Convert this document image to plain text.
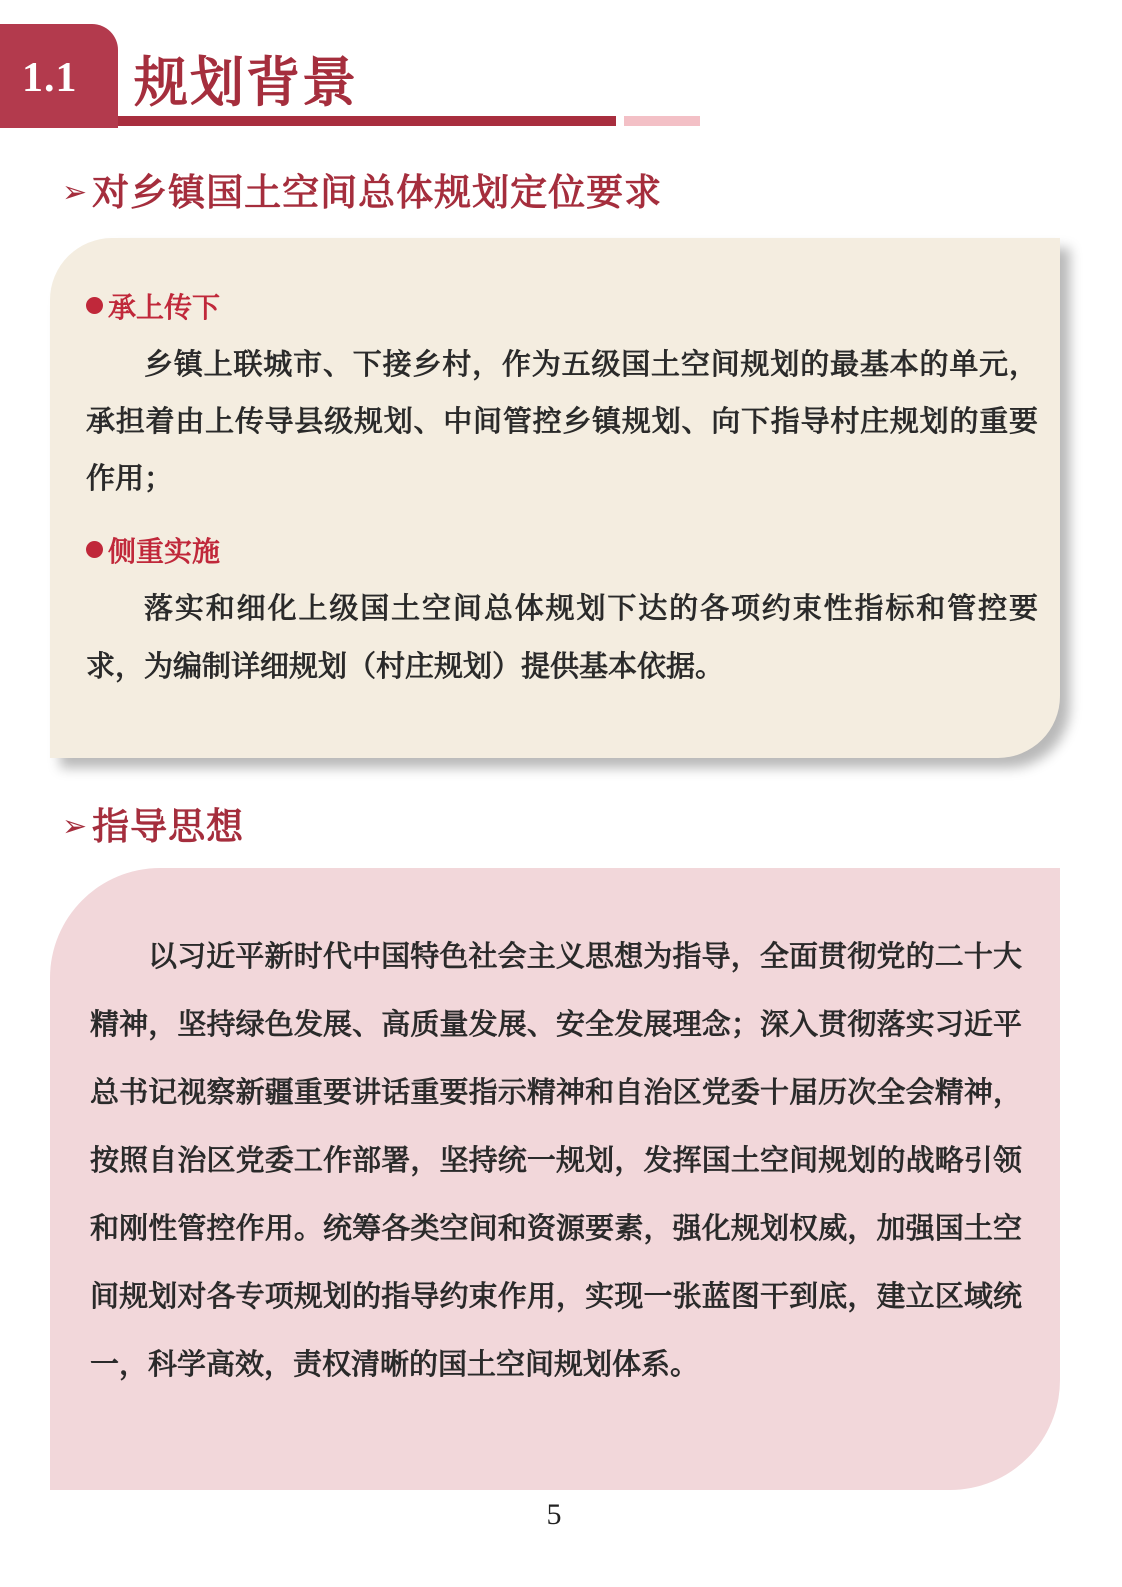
1.1 规划背景
➢ 对乡镇国土空间总体规划定位要求
承上传下
乡镇上联城市、下接乡村，作为五级国土空间规划的最基本的单元，承担着由上传导县级规划、中间管控乡镇规划、向下指导村庄规划的重要作用；
侧重实施
落实和细化上级国土空间总体规划下达的各项约束性指标和管控要求，为编制详细规划（村庄规划）提供基本依据。
➢ 指导思想
以习近平新时代中国特色社会主义思想为指导，全面贯彻党的二十大精神，坚持绿色发展、高质量发展、安全发展理念；深入贯彻落实习近平总书记视察新疆重要讲话重要指示精神和自治区党委十届历次全会精神，按照自治区党委工作部署，坚持统一规划，发挥国土空间规划的战略引领和刚性管控作用。统筹各类空间和资源要素，强化规划权威，加强国土空间规划对各专项规划的指导约束作用，实现一张蓝图干到底，建立区域统一，科学高效，责权清晰的国土空间规划体系。
5
